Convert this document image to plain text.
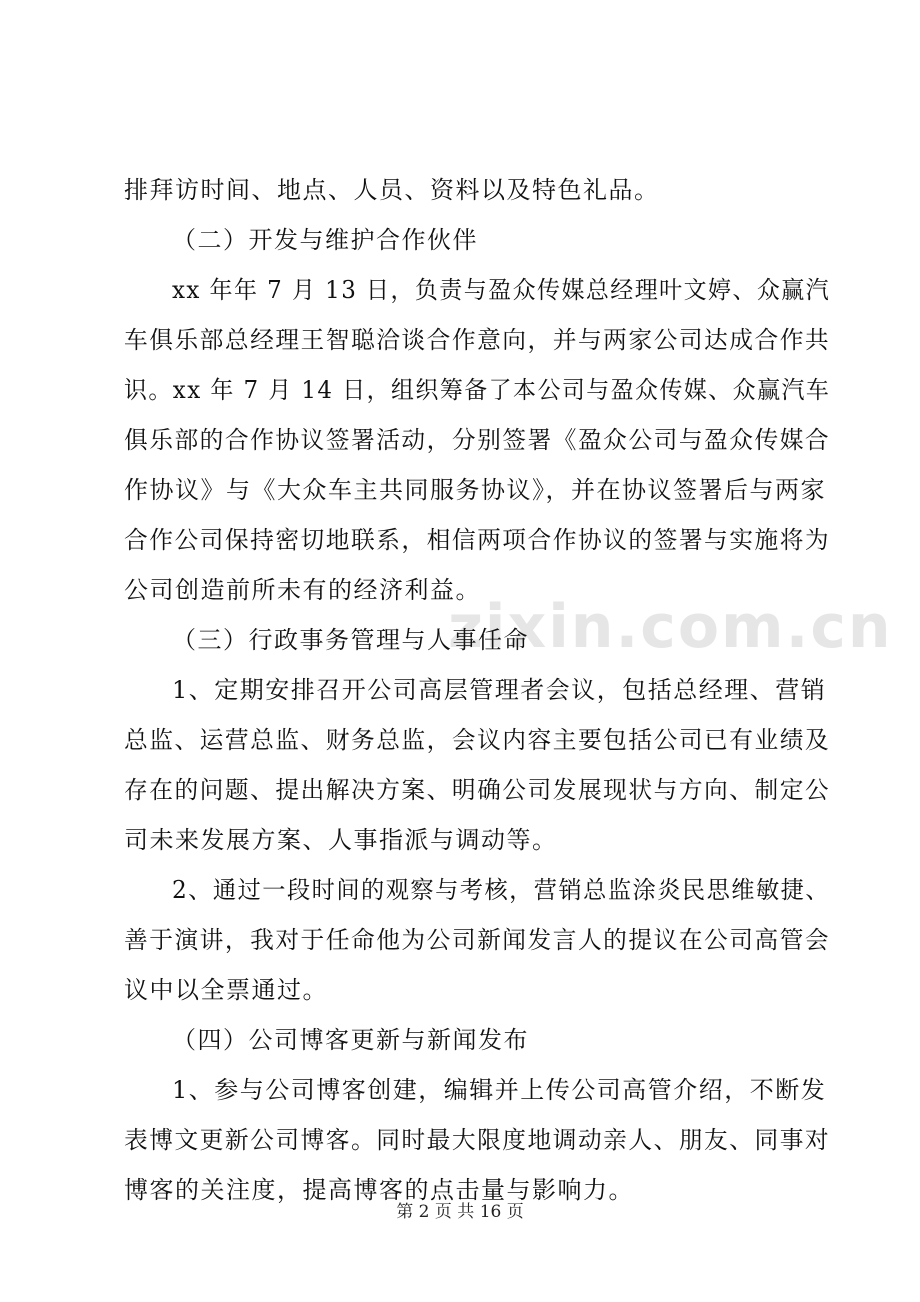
zixin.com.cn
排拜访时间、地点、人员、资料以及特色礼品。
（二）开发与维护合作伙伴
xx 年年 7 月 13 日，负责与盈众传媒总经理叶文婷、众赢汽
车俱乐部总经理王智聪洽谈合作意向，并与两家公司达成合作共
识。xx 年 7 月 14 日，组织筹备了本公司与盈众传媒、众赢汽车
俱乐部的合作协议签署活动，分别签署《盈众公司与盈众传媒合
作协议》与《大众车主共同服务协议》，并在协议签署后与两家
合作公司保持密切地联系，相信两项合作协议的签署与实施将为
公司创造前所未有的经济利益。
（三）行政事务管理与人事任命
1、定期安排召开公司高层管理者会议，包括总经理、营销
总监、运营总监、财务总监，会议内容主要包括公司已有业绩及
存在的问题、提出解决方案、明确公司发展现状与方向、制定公
司未来发展方案、人事指派与调动等。
2、通过一段时间的观察与考核，营销总监涂炎民思维敏捷、
善于演讲，我对于任命他为公司新闻发言人的提议在公司高管会
议中以全票通过。
（四）公司博客更新与新闻发布
1、参与公司博客创建，编辑并上传公司高管介绍，不断发
表博文更新公司博客。同时最大限度地调动亲人、朋友、同事对
博客的关注度，提高博客的点击量与影响力。
第 2 页 共 16 页
